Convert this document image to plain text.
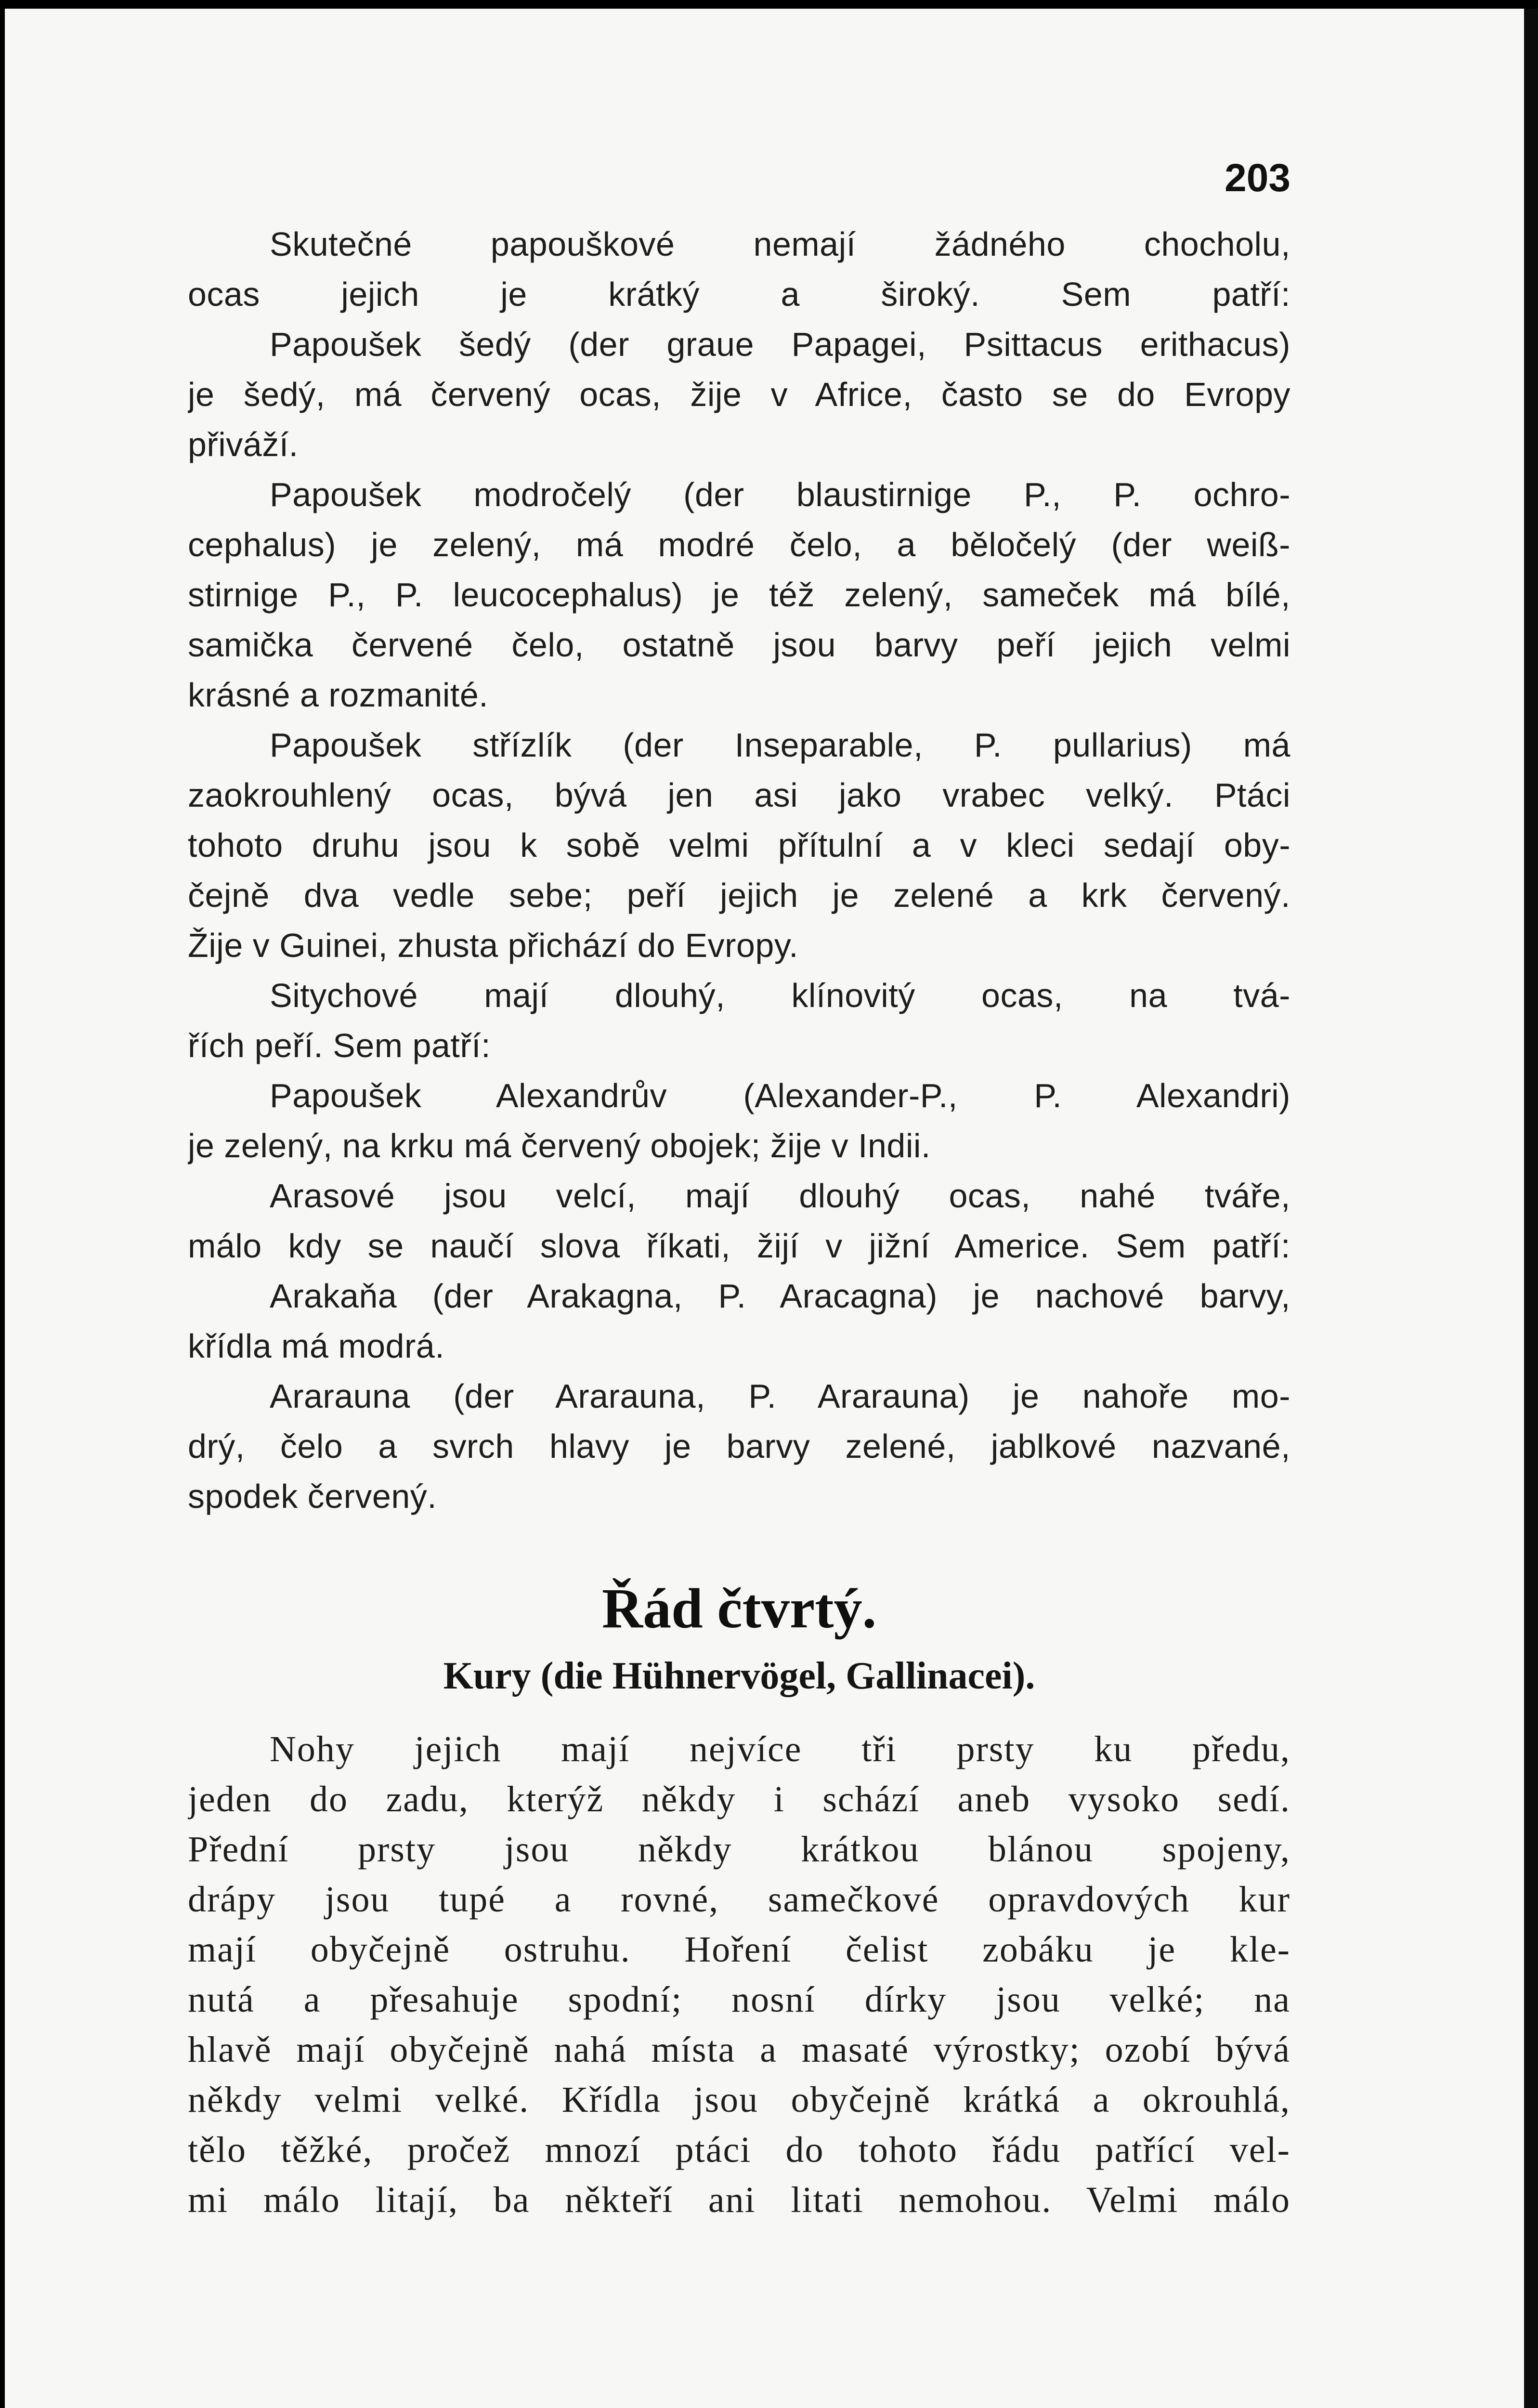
203
Skutečné papouškové nemají žádného chocholu,
ocas jejich je krátký a široký. Sem patří:
Papoušek šedý (der graue Papagei, Psittacus erithacus)
je šedý, má červený ocas, žije v Africe, často se do Evropy
přiváží.
Papoušek modročelý (der blaustirnige P., P. ochro-
cephalus) je zelený, má modré čelo, a běločelý (der weiß-
stirnige P., P. leucocephalus) je též zelený, sameček má bílé,
samička červené čelo, ostatně jsou barvy peří jejich velmi
krásné a rozmanité.
Papoušek střízlík (der Inseparable, P. pullarius) má
zaokrouhlený ocas, bývá jen asi jako vrabec velký. Ptáci
tohoto druhu jsou k sobě velmi přítulní a v kleci sedají oby-
čejně dva vedle sebe; peří jejich je zelené a krk červený.
Žije v Guinei, zhusta přichází do Evropy.
Sitychové mají dlouhý, klínovitý ocas, na tvá-
řích peří. Sem patří:
Papoušek Alexandrův (Alexander-P., P. Alexandri)
je zelený, na krku má červený obojek; žije v Indii.
Arasové jsou velcí, mají dlouhý ocas, nahé tváře,
málo kdy se naučí slova říkati, žijí v jižní Americe. Sem patří:
Arakaňa (der Arakagna, P. Aracagna) je nachové barvy,
křídla má modrá.
Ararauna (der Ararauna, P. Ararauna) je nahoře mo-
drý, čelo a svrch hlavy je barvy zelené, jablkové nazvané,
spodek červený.
Řád čtvrtý.
Kury (die Hühnervögel, Gallinacei).
Nohy jejich mají nejvíce tři prsty ku předu,
jeden do zadu, kterýž někdy i schází aneb vysoko sedí.
Přední prsty jsou někdy krátkou blánou spojeny,
drápy jsou tupé a rovné, samečkové opravdových kur
mají obyčejně ostruhu. Hoření čelist zobáku je kle-
nutá a přesahuje spodní; nosní dírky jsou velké; na
hlavě mají obyčejně nahá místa a masaté výrostky; ozobí bývá
někdy velmi velké. Křídla jsou obyčejně krátká a okrouhlá,
tělo těžké, pročež mnozí ptáci do tohoto řádu patřící vel-
mi málo litají, ba někteří ani litati nemohou. Velmi málo
